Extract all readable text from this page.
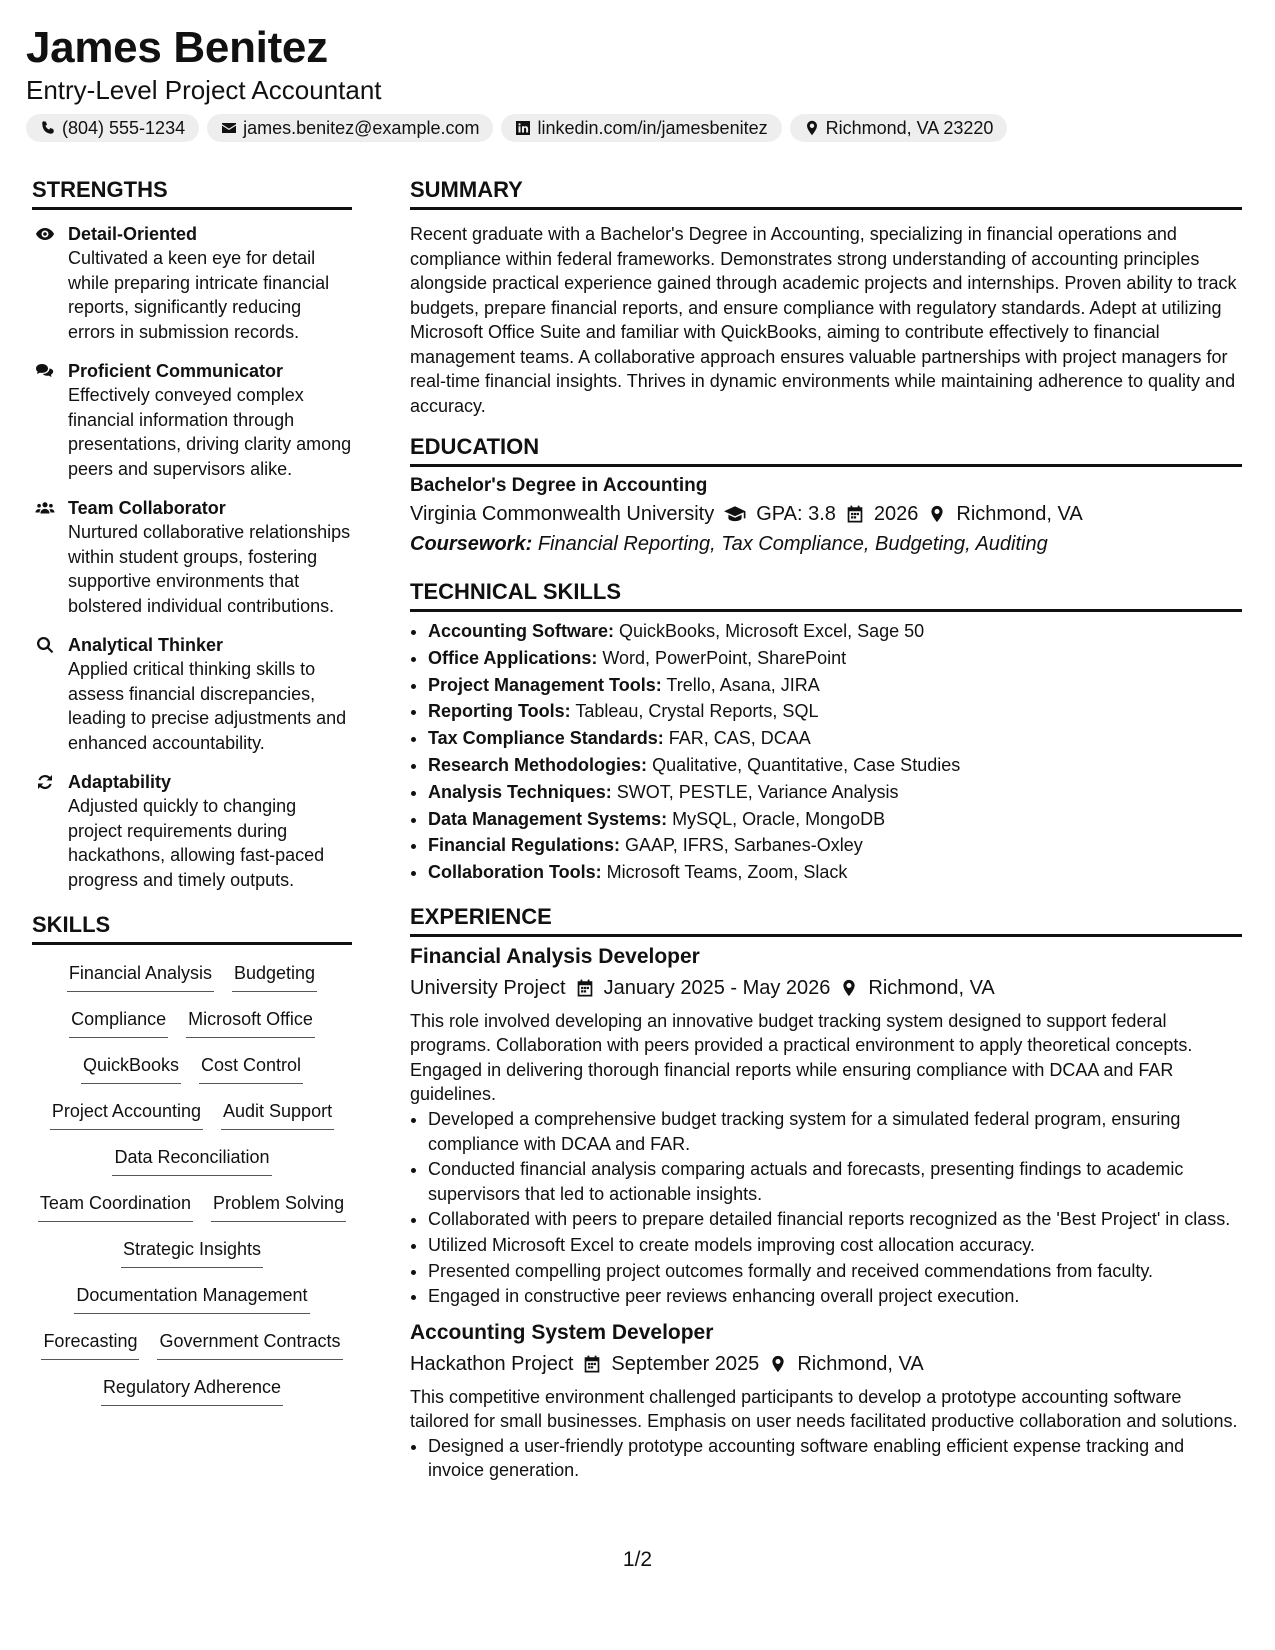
James Benitez
Entry-Level Project Accountant
(804) 555-1234	james.benitez@example.com	linkedin.com/in/jamesbenitez	Richmond, VA 23220
STRENGTHS
Detail-Oriented
Cultivated a keen eye for detail while preparing intricate financial reports, significantly reducing errors in submission records.
Proficient Communicator
Effectively conveyed complex financial information through presentations, driving clarity among peers and supervisors alike.
Team Collaborator
Nurtured collaborative relationships within student groups, fostering supportive environments that bolstered individual contributions.
Analytical Thinker
Applied critical thinking skills to assess financial discrepancies, leading to precise adjustments and enhanced accountability.
Adaptability
Adjusted quickly to changing project requirements during hackathons, allowing fast-paced progress and timely outputs.
SKILLS
Financial Analysis Budgeting
Compliance Microsoft Office
QuickBooks Cost Control
Project Accounting Audit Support
Data Reconciliation
Team Coordination Problem Solving
Strategic Insights
Documentation Management
Forecasting Government Contracts
Regulatory Adherence
SUMMARY

Recent graduate with a Bachelor's Degree in Accounting, specializing in financial operations and compliance within federal frameworks. Demonstrates strong understanding of accounting principles alongside practical experience gained through academic projects and internships. Proven ability to track budgets, prepare financial reports, and ensure compliance with regulatory standards. Adept at utilizing Microsoft Office Suite and familiar with QuickBooks, aiming to contribute effectively to financial management teams. A collaborative approach ensures valuable partnerships with project managers for real-time financial insights. Thrives in dynamic environments while maintaining adherence to quality and accuracy.

EDUCATION
Bachelor's Degree in Accounting
Virginia Commonwealth University GPA: 3.8 2026 Richmond, VA
Coursework: Financial Reporting, Tax Compliance, Budgeting, Auditing
TECHNICAL SKILLS
• Accounting Software: QuickBooks, Microsoft Excel, Sage 50
• Office Applications: Word, PowerPoint, SharePoint
• Project Management Tools: Trello, Asana, JIRA
• Reporting Tools: Tableau, Crystal Reports, SQL
• Tax Compliance Standards: FAR, CAS, DCAA
• Research Methodologies: Qualitative, Quantitative, Case Studies
• Analysis Techniques: SWOT, PESTLE, Variance Analysis
• Data Management Systems: MySQL, Oracle, MongoDB
• Financial Regulations: GAAP, IFRS, Sarbanes-Oxley
• Collaboration Tools: Microsoft Teams, Zoom, Slack
EXPERIENCE
Financial Analysis Developer
University Project January 2025 - May 2026 Richmond, VA

This role involved developing an innovative budget tracking system designed to support federal programs. Collaboration with peers provided a practical environment to apply theoretical concepts. Engaged in delivering thorough financial reports while ensuring compliance with DCAA and FAR guidelines.

• Developed a comprehensive budget tracking system for a simulated federal program, ensuring compliance with DCAA and FAR.
• Conducted financial analysis comparing actuals and forecasts, presenting findings to academic supervisors that led to actionable insights.
• Collaborated with peers to prepare detailed financial reports recognized as the 'Best Project' in class.
• Utilized Microsoft Excel to create models improving cost allocation accuracy.
• Presented compelling project outcomes formally and received commendations from faculty.
• Engaged in constructive peer reviews enhancing overall project execution.
Accounting System Developer
Hackathon Project September 2025 Richmond, VA

This competitive environment challenged participants to develop a prototype accounting software tailored for small businesses. Emphasis on user needs facilitated productive collaboration and solutions.

• Designed a user-friendly prototype accounting software enabling efficient expense tracking and invoice generation.
1/2
